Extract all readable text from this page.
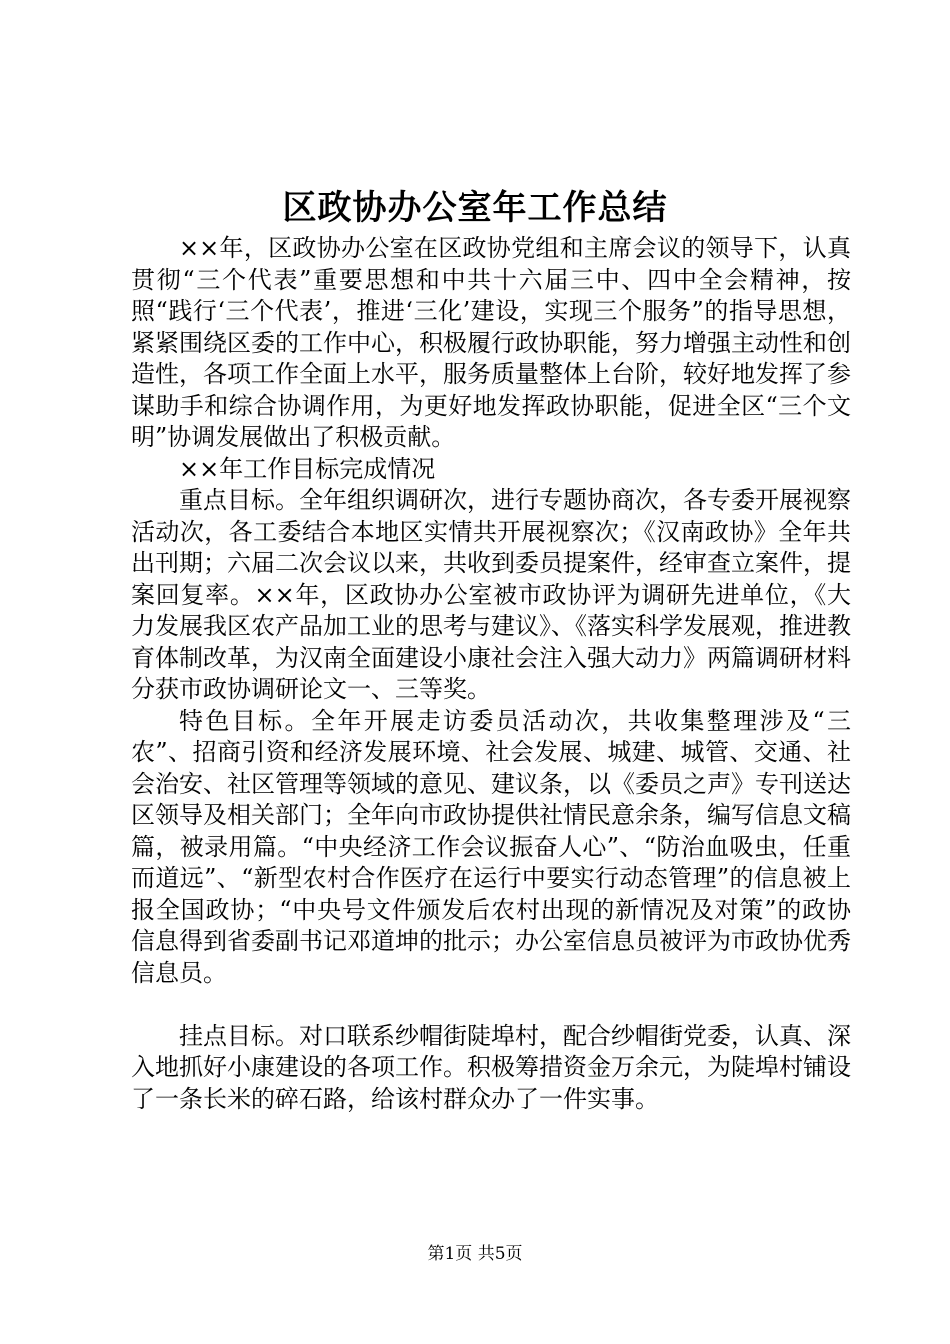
区政协办公室年工作总结

××年，区政协办公室在区政协党组和主席会议的领导下，认真贯彻“三个代表”重要思想和中共十六届三中、四中全会精神，按照“践行‘三个代表’，推进‘三化’建设，实现三个服务”的指导思想，紧紧围绕区委的工作中心，积极履行政协职能，努力增强主动性和创造性，各项工作全面上水平，服务质量整体上台阶，较好地发挥了参谋助手和综合协调作用，为更好地发挥政协职能，促进全区“三个文明”协调发展做出了积极贡献。

××年工作目标完成情况

重点目标。全年组织调研次，进行专题协商次，各专委开展视察活动次，各工委结合本地区实情共开展视察次；《汉南政协》全年共出刊期；六届二次会议以来，共收到委员提案件，经审查立案件，提案回复率。××年，区政协办公室被市政协评为调研先进单位，《大力发展我区农产品加工业的思考与建议》、《落实科学发展观，推进教育体制改革，为汉南全面建设小康社会注入强大动力》两篇调研材料分获市政协调研论文一、三等奖。

特色目标。全年开展走访委员活动次，共收集整理涉及“三农”、招商引资和经济发展环境、社会发展、城建、城管、交通、社会治安、社区管理等领域的意见、建议条，以《委员之声》专刊送达区领导及相关部门；全年向市政协提供社情民意余条，编写信息文稿篇，被录用篇。“中央经济工作会议振奋人心”、“防治血吸虫，任重而道远”、“新型农村合作医疗在运行中要实行动态管理”的信息被上报全国政协；“中央号文件颁发后农村出现的新情况及对策”的政协信息得到省委副书记邓道坤的批示；办公室信息员被评为市政协优秀信息员。

挂点目标。对口联系纱帽街陡埠村，配合纱帽街党委，认真、深入地抓好小康建设的各项工作。积极筹措资金万余元，为陡埠村铺设了一条长米的碎石路，给该村群众办了一件实事。

第1页 共5页
